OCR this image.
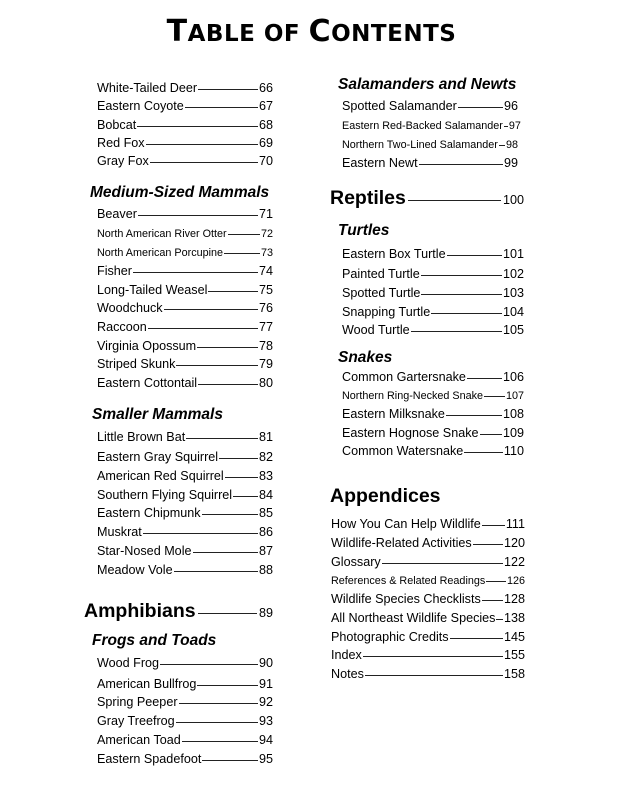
TABLE OF CONTENTS
White-Tailed Deer	66
Eastern Coyote	67
Bobcat	68
Red Fox	69
Gray Fox	70
Medium-Sized Mammals
Beaver	71
North American River Otter	72
North American Porcupine	73
Fisher	74
Long-Tailed Weasel	75
Woodchuck	76
Raccoon	77
Virginia Opossum	78
Striped Skunk	79
Eastern Cottontail	80
Smaller Mammals
Little Brown Bat	81
Eastern Gray Squirrel	82
American Red Squirrel	83
Southern Flying Squirrel 84
Eastern Chipmunk	85
Muskrat	86
Star-Nosed Mole	87
Meadow Vole	88
Amphibians	89
Frogs and Toads
Wood Frog	90
American Bullfrog	91
Spring Peeper	92
Gray Treefrog	93
American Toad	94
Eastern Spadefoot	95
Salamanders and Newts
Spotted Salamander	96
Eastern Red-Backed Salamander 97
Northern Two-Lined Salamander 98
Eastern Newt	99
Reptiles	100
Turtles
Eastern Box Turtle	101
Painted Turtle	102
Spotted Turtle	103
Snapping Turtle	104
Wood Turtle	105
Snakes
Common Gartersnake	106
Northern Ring-Necked Snake 107
Eastern Milksnake	108
Eastern Hognose Snake 109
Common Watersnake	110
Appendices
How You Can Help Wildlife 111
Wildlife-Related Activities	120
Glossary	122
References & Related Readings 126
Wildlife Species Checklists 128
All Northeast Wildlife Species 138
Photographic Credits	145
Index	155
Notes	158
